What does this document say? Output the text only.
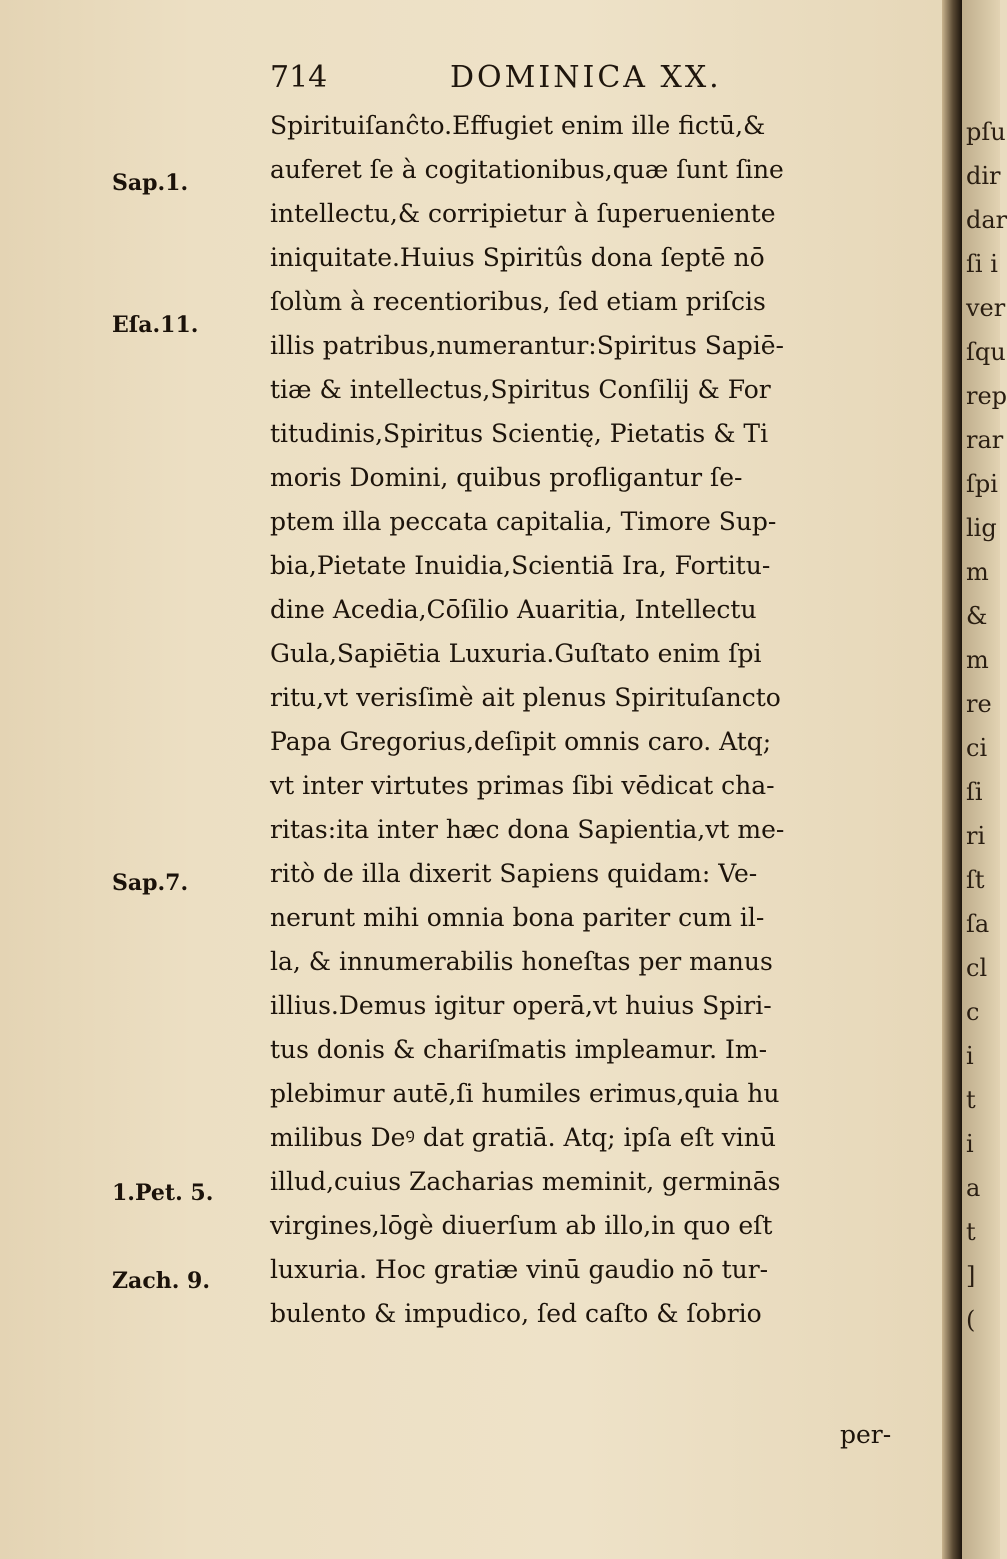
714	DOMINICA XX.
Sap.1.
Eſa.11.
Sap.7.
1.Pet. 5.
Zach. 9.
Spirituiſanĉto.Effugiet enim ille fictū,&
auferet ſe à cogitationibus,quæ ſunt ſine
intellectu,& corripietur à ſuperueniente
iniquitate.Huius Spiritûs dona ſeptē nō
ſolùm à recentioribus, ſed etiam priſcis
illis patribus,numerantur:Spiritus Sapiē-
tiæ & intellectus,Spiritus Conſilij & For
titudinis,Spiritus Scientię, Pietatis & Ti
moris Domini, quibus profligantur ſe-
ptem illa peccata capitalia, Timore Sup-
bia,Pietate Inuidia,Scientiā Ira, Fortitu-
dine Acedia,Cōſilio Auaritia, Intellectu
Gula,Sapiētia Luxuria.Guſtato enim ſpi
ritu,vt verisſimè ait plenus Spirituſancto
Papa Gregorius,deſipit omnis caro. Atq;
vt inter virtutes primas ſibi vēdicat cha-
ritas:ita inter hæc dona Sapientia,vt me-
ritò de illa dixerit Sapiens quidam: Ve-
nerunt mihi omnia bona pariter cum il-
la, & innumerabilis honeſtas per manus
illius.Demus igitur operā,vt huius Spiri-
tus donis & chariſmatis impleamur. Im-
plebimur autē,ſi humiles erimus,quia hu
milibus Deꝰ dat gratiā. Atq; ipſa eſt vinū
illud,cuius Zacharias meminit, germinās
virgines,lōgè diuerſum ab illo,in quo eſt
luxuria. Hoc gratiæ vinū gaudio nō tur-
bulento & impudico, ſed caſto & ſobrio
per-
pſu
dir
dar
ſi i
ver
ſqu
rep
rar
ſpi
lig
m
&
m
re
ci
ſi
ri
ſt
ſa
cl
c
i
t
i
a
t
]
(
